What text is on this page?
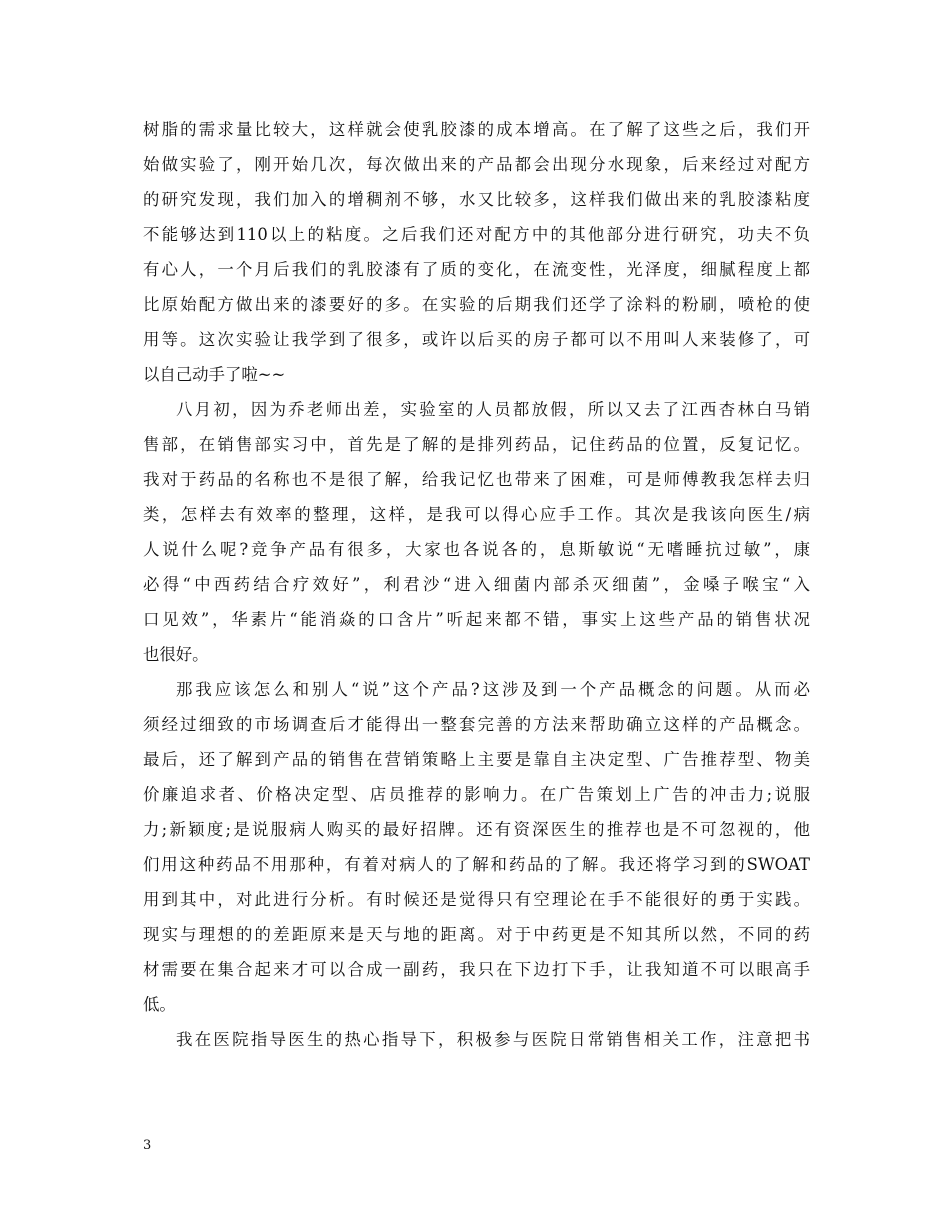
树脂的需求量比较大，这样就会使乳胶漆的成本增高。在了解了这些之后，我们开
始做实验了，刚开始几次，每次做出来的产品都会出现分水现象，后来经过对配方
的研究发现，我们加入的增稠剂不够，水又比较多，这样我们做出来的乳胶漆粘度
不能够达到110以上的粘度。之后我们还对配方中的其他部分进行研究，功夫不负
有心人，一个月后我们的乳胶漆有了质的变化，在流变性，光泽度，细腻程度上都
比原始配方做出来的漆要好的多。在实验的后期我们还学了涂料的粉刷，喷枪的使
用等。这次实验让我学到了很多，或许以后买的房子都可以不用叫人来装修了，可
以自己动手了啦~~
八月初，因为乔老师出差，实验室的人员都放假，所以又去了江西杏林白马销
售部，在销售部实习中，首先是了解的是排列药品，记住药品的位置，反复记忆。
我对于药品的名称也不是很了解，给我记忆也带来了困难，可是师傅教我怎样去归
类，怎样去有效率的整理，这样，是我可以得心应手工作。其次是我该向医生/病
人说什么呢?竞争产品有很多，大家也各说各的，息斯敏说“无嗜睡抗过敏”，康
必得“中西药结合疗效好”，利君沙“进入细菌内部杀灭细菌”，金嗓子喉宝“入
口见效”，华素片“能消焱的口含片”听起来都不错，事实上这些产品的销售状况
也很好。
那我应该怎么和别人“说”这个产品?这涉及到一个产品概念的问题。从而必
须经过细致的市场调查后才能得出一整套完善的方法来帮助确立这样的产品概念。
最后，还了解到产品的销售在营销策略上主要是靠自主决定型、广告推荐型、物美
价廉追求者、价格决定型、店员推荐的影响力。在广告策划上广告的冲击力;说服
力;新颖度;是说服病人购买的最好招牌。还有资深医生的推荐也是不可忽视的，他
们用这种药品不用那种，有着对病人的了解和药品的了解。我还将学习到的SWOAT
用到其中，对此进行分析。有时候还是觉得只有空理论在手不能很好的勇于实践。
现实与理想的的差距原来是天与地的距离。对于中药更是不知其所以然，不同的药
材需要在集合起来才可以合成一副药，我只在下边打下手，让我知道不可以眼高手
低。
我在医院指导医生的热心指导下，积极参与医院日常销售相关工作，注意把书
3
